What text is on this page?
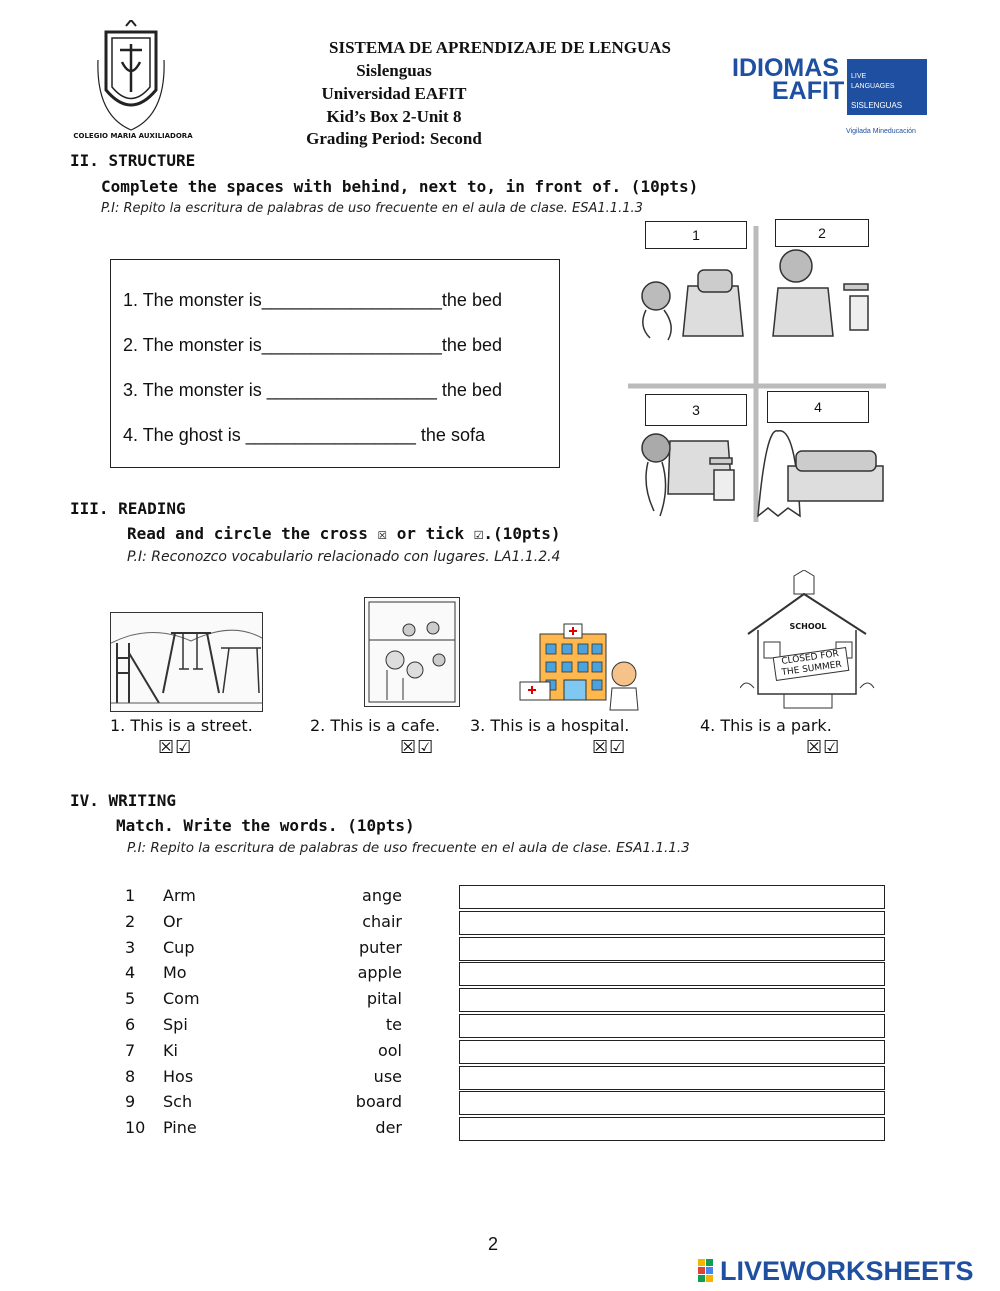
COLEGIO MARIA AUXILIADORA
SISTEMA DE APRENDIZAJE DE LENGUAS
Sislenguas
Universidad EAFIT
Kid’s Box 2-Unit 8
Grading Period: Second
IDIOMAS
EAFIT
LIVE
LANGUAGES
SISLENGUAS
Vigilada Mineducación
II. STRUCTURE
Complete the spaces with behind, next to, in front of. (10pts)
P.I: Repito la escritura de palabras de uso frecuente en el aula de clase. ESA1.1.1.3
1. The monster is__________________the bed
2. The monster is__________________the bed
3. The monster is _________________ the bed
4. The ghost is _________________ the sofa
1	2
3	4
III. READING
Read and circle the cross ☒ or tick ☑.(10pts)
P.I: Reconozco vocabulario relacionado con lugares. LA1.1.2.4
SCHOOL
CLOSED FOR THE SUMMER
1. This is a street.	2. This is a cafe. 3. This is a hospital.	4. This is a park.
☒☑	☒☑	☒☑	☒☑
IV. WRITING
Match. Write the words. (10pts)
P.I: Repito la escritura de palabras de uso frecuente en el aula de clase. ESA1.1.1.3
1 Arm	ange
2 Or	chair
3 Cup	puter
4 Mo	apple
5 Com	pital
6 Spi	te
7 Ki	ool
8 Hos	use
9 Sch	board
10 Pine	der
2
LIVEWORKSHEETS
